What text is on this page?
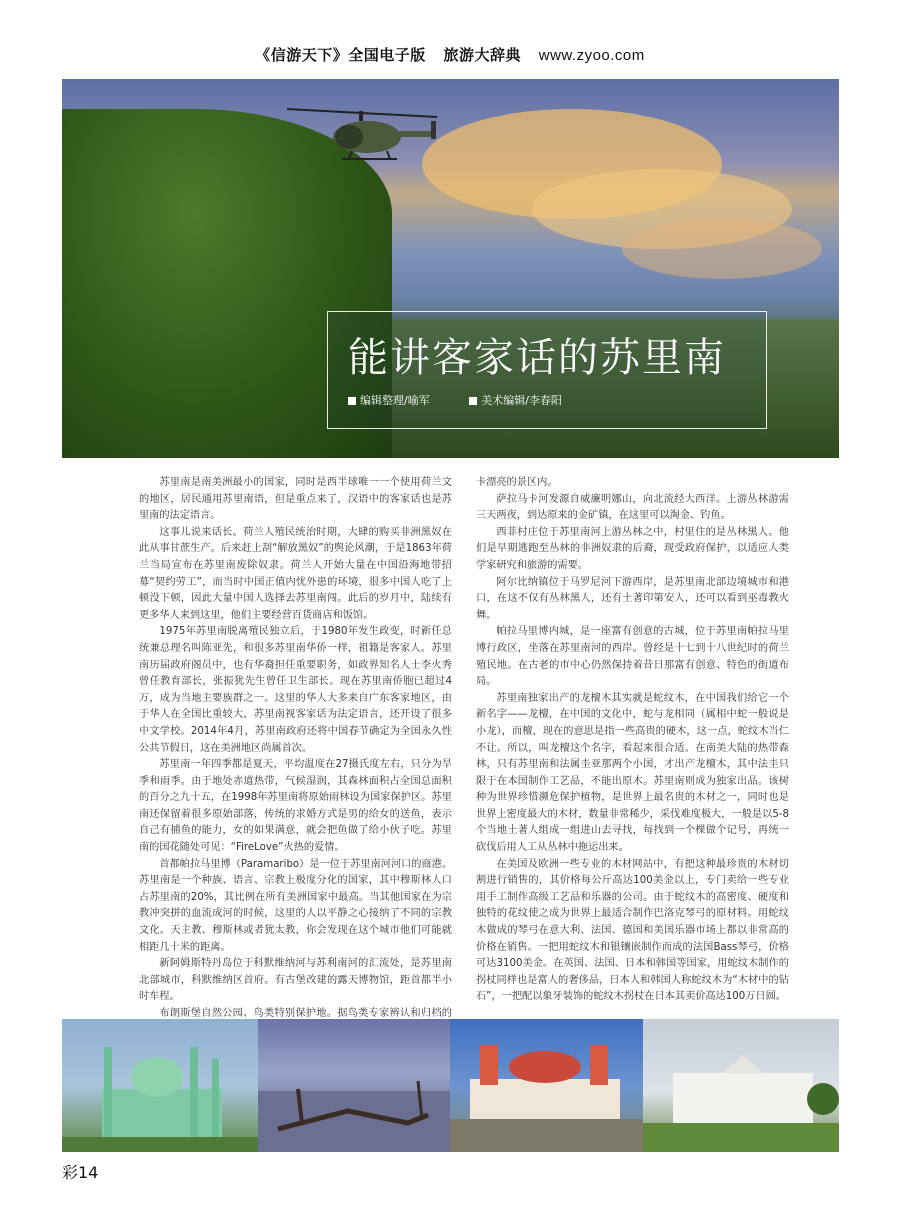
《信游天下》全国电子版 旅游大辞典 www.zyoo.com
能讲客家话的苏里南
编辑整理/喻军	美术编辑/李春阳

苏里南是南美洲最小的国家，同时是西半球唯一一个使用荷兰文的地区，居民通用苏里南语，但是重点来了，汉语中的客家话也是苏里南的法定语言。

这事儿说来话长。荷兰人殖民统治时期，大肆的购买非洲黑奴在此从事甘蔗生产。后来赶上刮“解放黑奴”的舆论风潮，于是1863年荷兰当局宣布在苏里南废除奴隶。荷兰人开始大量在中国沿海地带招募“契约劳工”，而当时中国正值内忧外患的环境，很多中国人吃了上顿没下顿，因此大量中国人选择去苏里南闯。此后的岁月中，陆续有更多华人来到这里，他们主要经营百货商店和饭馆。

1975年苏里南脱离殖民独立后，于1980年发生政变，时新任总统兼总理名叫陈亚先，和很多苏里南华侨一样，祖籍是客家人。苏里南历届政府阁员中，也有华裔担任重要职务，如政界知名人士李火秀曾任教育部长，张振犹先生曾任卫生部长。现在苏里南侨胞已超过4万，成为当地主要族群之一。这里的华人大多来自广东客家地区，由于华人在全国比重较大，苏里南视客家话为法定语言，还开设了很多中文学校。2014年4月，苏里南政府还将中国春节确定为全国永久性公共节假日，这在美洲地区尚属首次。

苏里南一年四季都是夏天，平均温度在27摄氏度左右，只分为旱季和雨季。由于地处赤道热带，气候湿润，其森林面积占全国总面积的百分之九十五，在1998年苏里南将原始雨林设为国家保护区。苏里南还保留着很多原始部落，传统的求婚方式是男的给女的送鱼，表示自己有捕鱼的能力，女的如果满意，就会把鱼做了给小伙子吃。苏里南的国花随处可见：“FireLove”火热的爱情。

首都帕拉马里博（Paramaribo）是一位于苏里南河河口的商港。苏里南是一个种族、语言、宗教上极度分化的国家，其中穆斯林人口占苏里南的20%，其比例在所有美洲国家中最高。当其他国家在为宗教冲突拼的血流成河的时候，这里的人以平静之心接纳了不同的宗教文化。天主教、穆斯林或者犹太教，你会发现在这个城市他们可能就相距几十米的距离。

新阿姆斯特丹岛位于科默维纳河与苏利南河的汇流处，是苏里南北部城市，科默维纳区首府。有古堡改建的露天博物馆，距首都半小时车程。

布朗斯堡自然公园、鸟类特别保护地。据鸟类专家辨认和归档的

卡漂亮的景区内。

萨拉马卡河发源自威廉明娜山，向北流经大西洋。上游丛林游需三天两夜，到达原来的金矿镇，在这里可以淘金、钓鱼。

西菲村庄位于苏里南河上游丛林之中，村里住的是丛林黑人。他们是早期逃跑至丛林的非洲奴隶的后裔，现受政府保护，以适应人类学家研究和旅游的需要。

阿尔比纳镇位于马罗尼河下游西岸，是苏里南北部边境城市和港口，在这不仅有丛林黑人，还有土著印第安人，还可以看到巫毒教火舞。

帕拉马里博内城，是一座富有创意的古城，位于苏里南帕拉马里博行政区，坐落在苏里南河的西岸。曾经是十七到十八世纪时的荷兰殖民地。在古老的市中心仍然保持着昔日那富有创意、特色的街道布局。

苏里南独家出产的龙檀木其实就是蛇纹木，在中国我们给它一个新名字——龙檀，在中国的文化中，蛇与龙相同（属相中蛇一般说是小龙），而檀，现在的意思是指一些高贵的硬木，这一点，蛇纹木当仁不让。所以，叫龙檀这个名字，看起来很合适。在南美大陆的热带森林，只有苏里南和法属圭亚那两个小国，才出产龙檀木，其中法圭只限于在本国制作工艺品，不能出原木。苏里南则成为独家出品。该树种为世界珍惜濒危保护植物，是世界上最名贵的木材之一，同时也是世界上密度最大的木材，数量非常稀少，采伐难度极大，一般是以5-8个当地土著人组成一组进山去寻找，每找到一个棵做个记号，再统一砍伐后用人工从丛林中拖运出来。

在美国及欧洲一些专业的木材网站中，有把这种最珍贵的木材切割进行销售的，其价格每公斤高达100美金以上，专门卖给一些专业用手工制作高级工艺品和乐器的公司。由于蛇纹木的高密度、硬度和独特的花纹使之成为世界上最适合制作巴洛克琴弓的原材料。用蛇纹木做成的琴弓在意大利、法国、德国和美国乐器市场上都以非常高的价格在销售。一把用蛇纹木和银镶嵌制作而成的法国Bass琴弓，价格可达3100美金。在英国、法国、日本和韩国等国家，用蛇纹木制作的拐杖同样也是富人的奢侈品，日本人和韩国人称蛇纹木为“木材中的钻石”，一把配以象牙装饰的蛇纹木拐杖在日本其卖价高达100万日圆。

彩14
